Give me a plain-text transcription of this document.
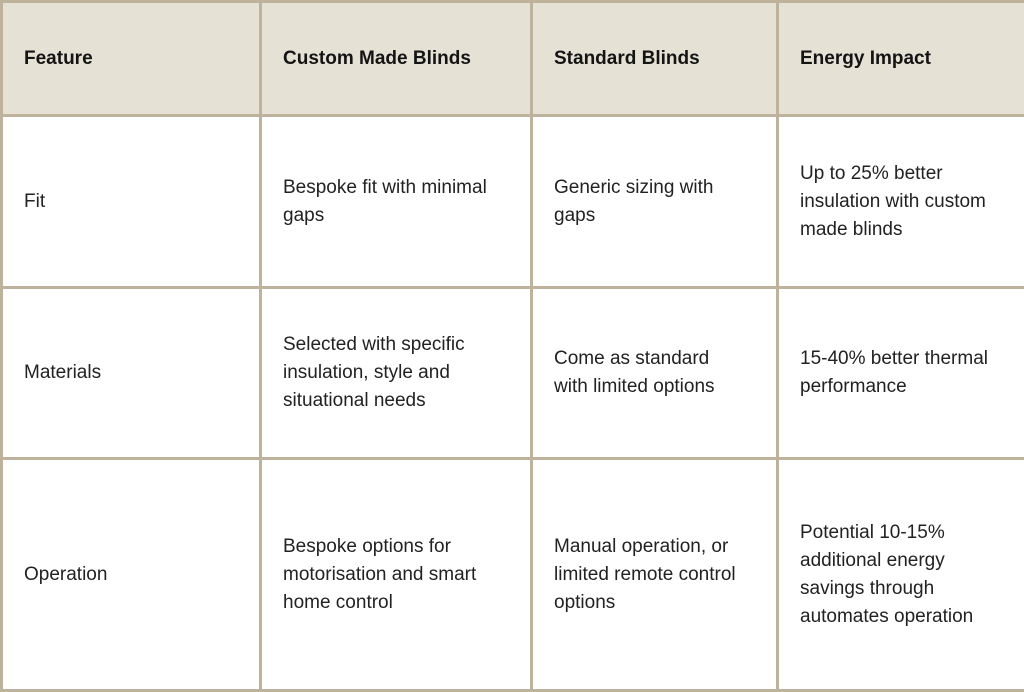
Feature	Custom Made Blinds	Standard Blinds	Energy Impact
Fit	Bespoke fit with minimal gaps	Generic sizing with gaps	Up to 25% better insulation with custom made blinds
Materials	Selected with specific insulation, style and situational needs	Come as standard with limited options	15-40% better thermal performance
Operation	Bespoke options for motorisation and smart home control	Manual operation, or limited remote control options	Potential 10-15% additional energy savings through automates operation
